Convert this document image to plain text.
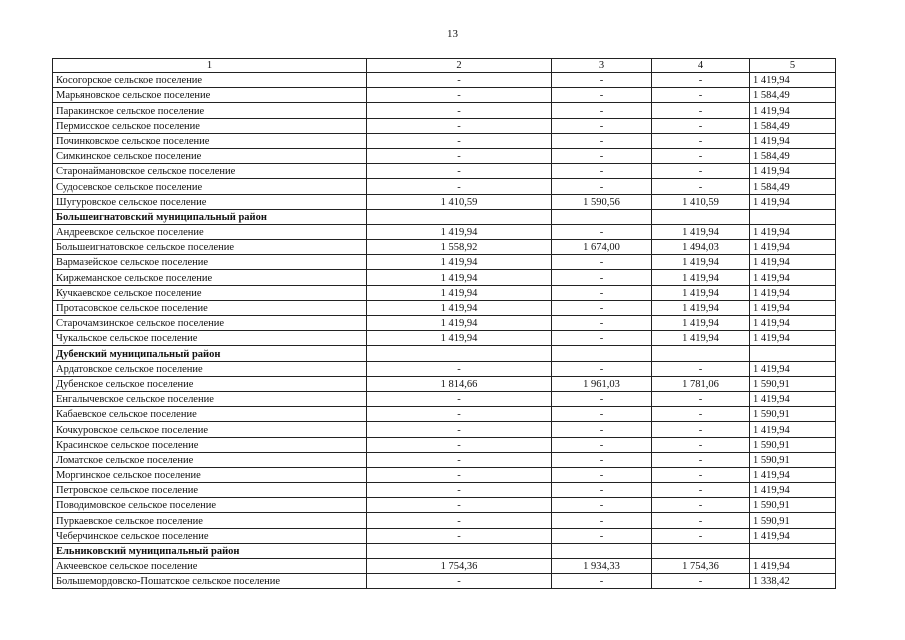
13
1	2	3	4	5
Косогорское сельское поселение	-	-	-	1 419,94
Марьяновское сельское поселение	-	-	-	1 584,49
Паракинское сельское поселение	-	-	-	1 419,94
Пермисское сельское поселение	-	-	-	1 584,49
Починковское сельское поселение	-	-	-	1 419,94
Симкинское сельское поселение	-	-	-	1 584,49
Старонаймановское сельское поселение	-	-	-	1 419,94
Судосевское сельское поселение	-	-	-	1 584,49
Шугуровское сельское поселение	1 410,59	1 590,56	1 410,59	1 419,94
Большеигнатовский муниципальный район				
Андреевское сельское поселение	1 419,94	-	1 419,94	1 419,94
Большеигнатовское сельское поселение	1 558,92	1 674,00	1 494,03	1 419,94
Вармазейское сельское поселение	1 419,94	-	1 419,94	1 419,94
Киржеманское сельское поселение	1 419,94	-	1 419,94	1 419,94
Кучкаевское сельское поселение	1 419,94	-	1 419,94	1 419,94
Протасовское сельское поселение	1 419,94	-	1 419,94	1 419,94
Старочамзинское сельское поселение	1 419,94	-	1 419,94	1 419,94
Чукальское сельское поселение	1 419,94	-	1 419,94	1 419,94
Дубенский муниципальный район				
Ардатовское сельское поселение	-	-	-	1 419,94
Дубенское сельское поселение	1 814,66	1 961,03	1 781,06	1 590,91
Енгалычевское сельское поселение	-	-	-	1 419,94
Кабаевское сельское поселение	-	-	-	1 590,91
Кочкуровское сельское поселение	-	-	-	1 419,94
Красинское сельское поселение	-	-	-	1 590,91
Ломатское сельское поселение	-	-	-	1 590,91
Моргинское сельское поселение	-	-	-	1 419,94
Петровское сельское поселение	-	-	-	1 419,94
Поводимовское сельское поселение	-	-	-	1 590,91
Пуркаевское сельское поселение	-	-	-	1 590,91
Чеберчинское сельское поселение	-	-	-	1 419,94
Ельниковский муниципальный район				
Акчеевское сельское поселение	1 754,36	1 934,33	1 754,36	1 419,94
Большемордовско-Пошатское сельское поселение	-	-	-	1 338,42
